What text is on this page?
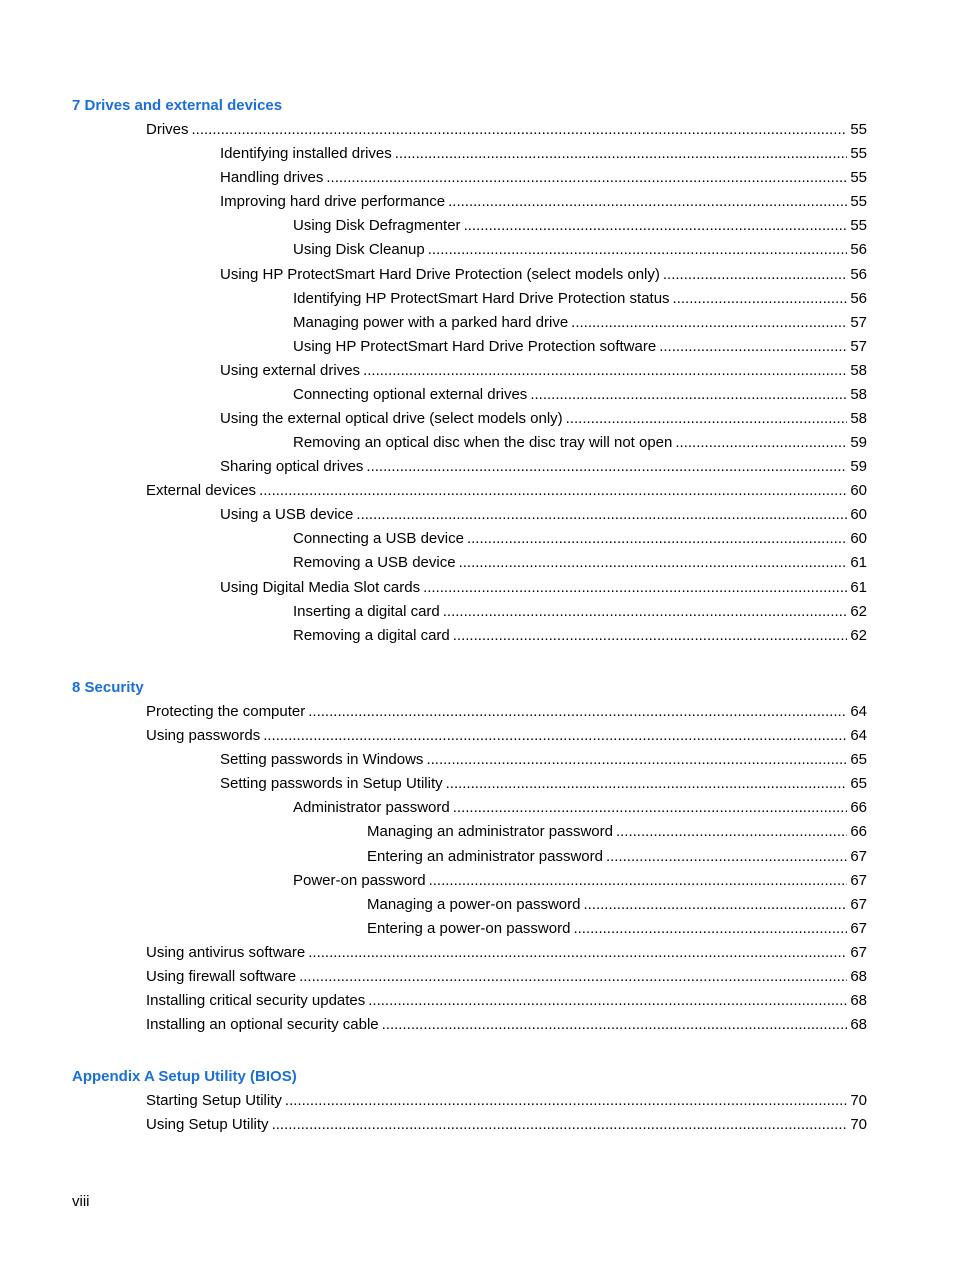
7 Drives and external devices
Drives .....	55
Identifying installed drives .....	55
Handling drives .....	55
Improving hard drive performance .....	55
Using Disk Defragmenter .....	55
Using Disk Cleanup .....	56
Using HP ProtectSmart Hard Drive Protection (select models only) .....	56
Identifying HP ProtectSmart Hard Drive Protection status .....	56
Managing power with a parked hard drive .....	57
Using HP ProtectSmart Hard Drive Protection software .....	57
Using external drives .....	58
Connecting optional external drives .....	58
Using the external optical drive (select models only) .....	58
Removing an optical disc when the disc tray will not open .....	59
Sharing optical drives .....	59
External devices .....	60
Using a USB device .....	60
Connecting a USB device .....	60
Removing a USB device .....	61
Using Digital Media Slot cards .....	61
Inserting a digital card .....	62
Removing a digital card .....	62
8 Security
Protecting the computer .....	64
Using passwords .....	64
Setting passwords in Windows .....	65
Setting passwords in Setup Utility .....	65
Administrator password .....	66
Managing an administrator password .....	66
Entering an administrator password .....	67
Power-on password .....	67
Managing a power-on password .....	67
Entering a power-on password .....	67
Using antivirus software .....	67
Using firewall software .....	68
Installing critical security updates .....	68
Installing an optional security cable .....	68
Appendix A Setup Utility (BIOS)
Starting Setup Utility .....	70
Using Setup Utility .....	70
viii
